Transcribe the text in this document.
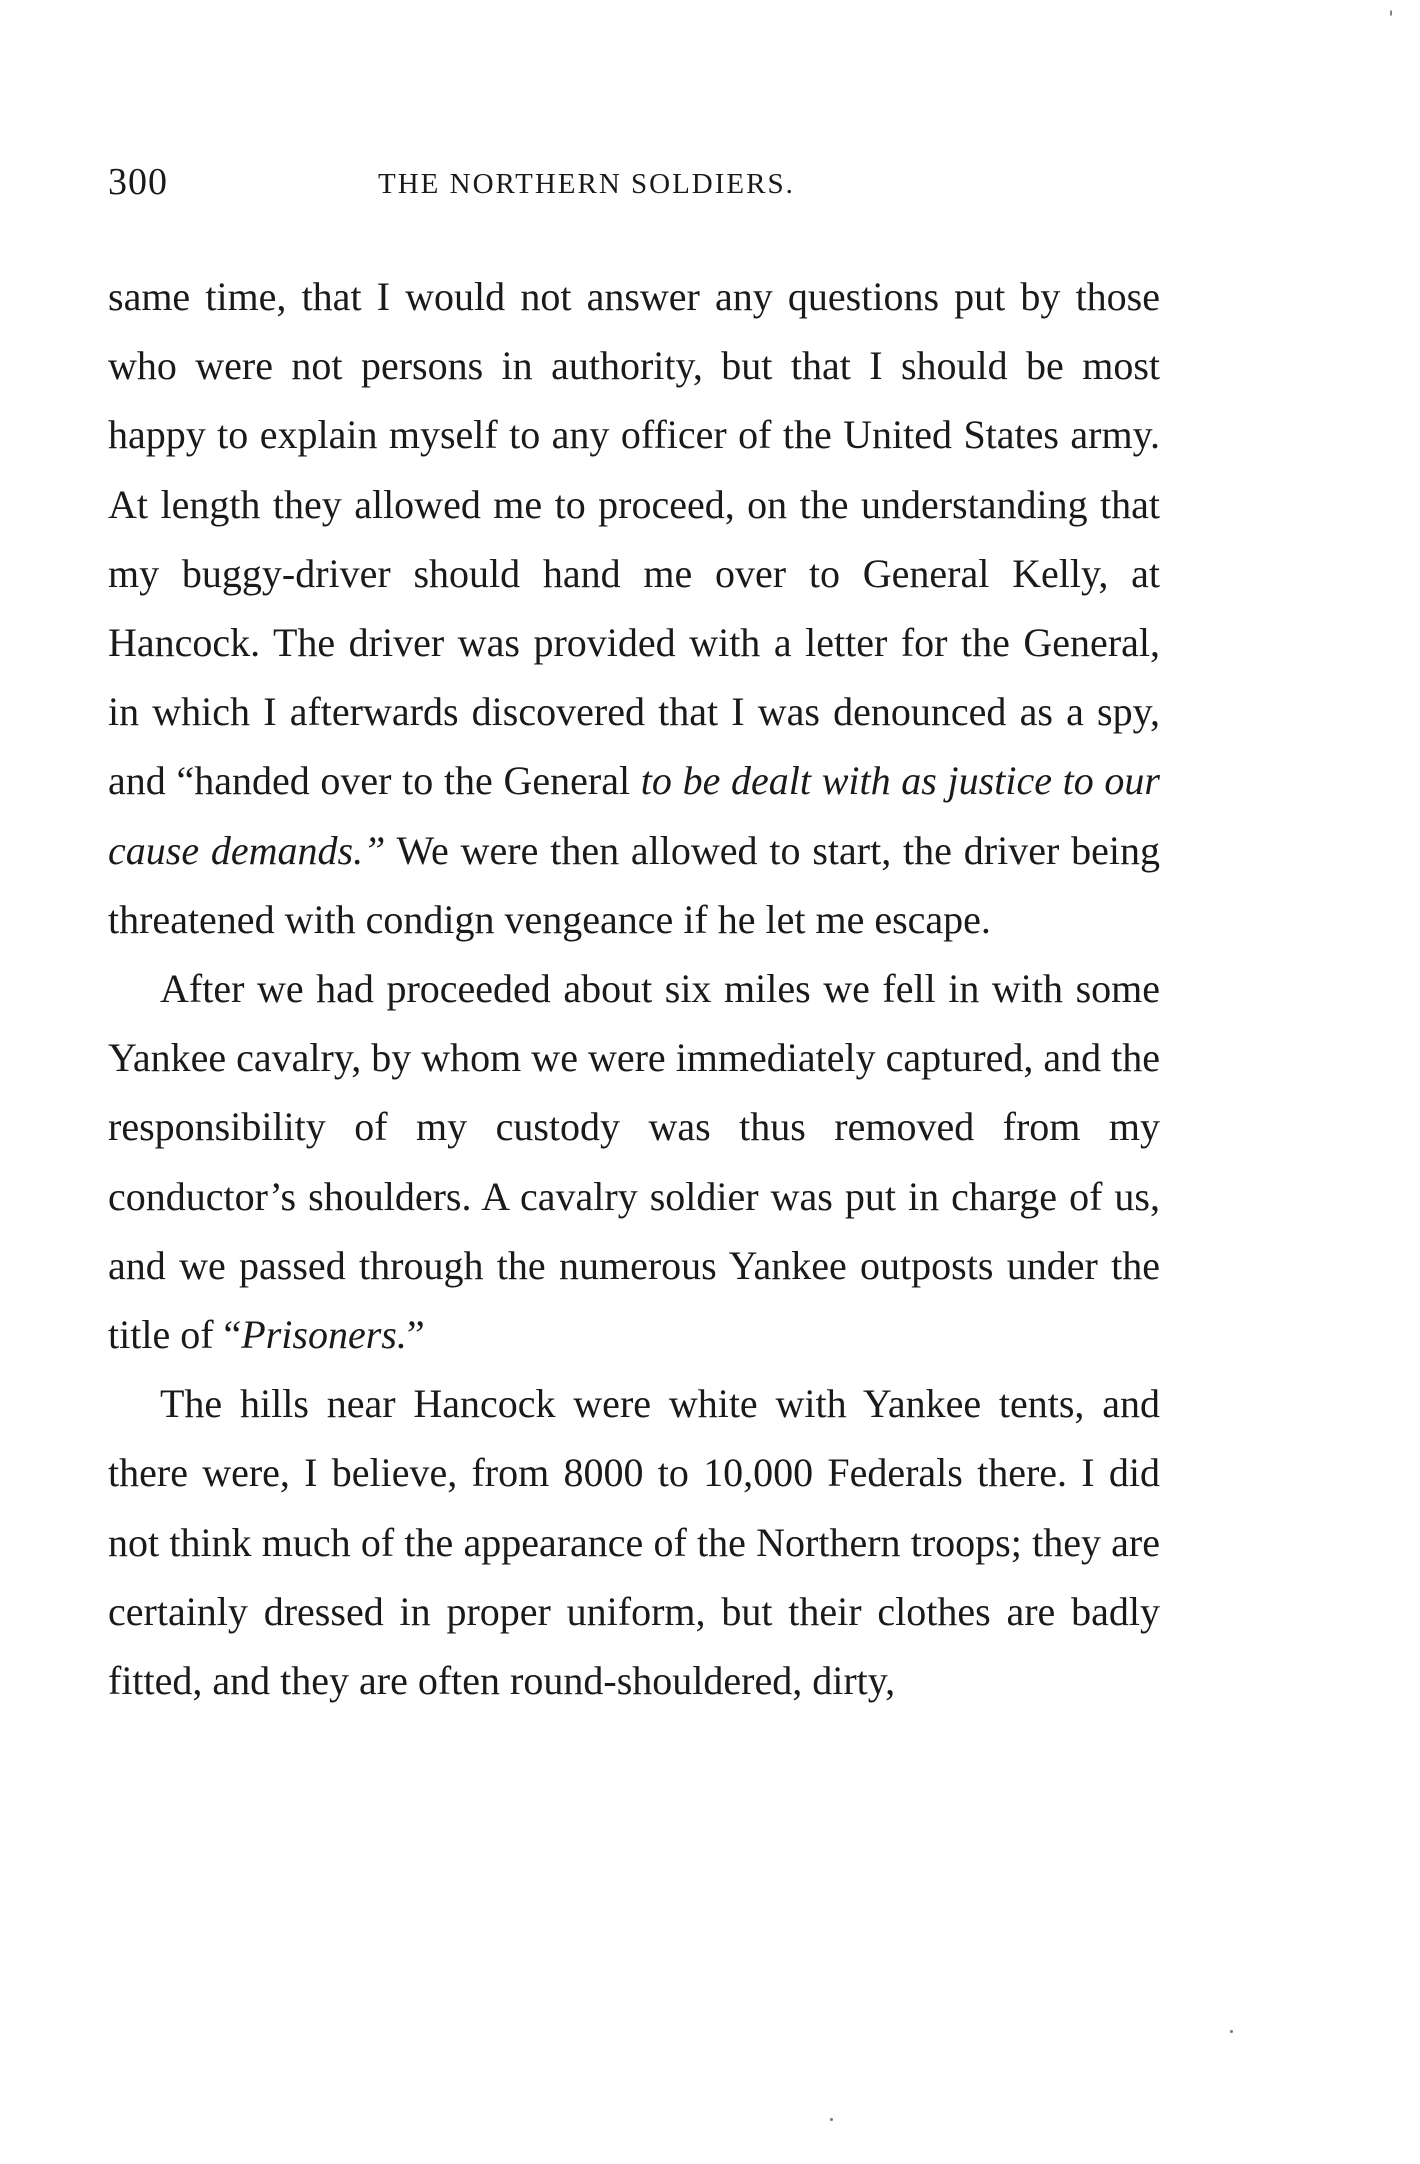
300	THE NORTHERN SOLDIERS.

same time, that I would not answer any questions put by those who were not persons in authority, but that I should be most happy to explain myself to any officer of the United States army. At length they allowed me to proceed, on the understanding that my buggy-driver should hand me over to General Kelly, at Hancock. The driver was provided with a letter for the General, in which I afterwards discovered that I was denounced as a spy, and “handed over to the General to be dealt with as justice to our cause demands.” We were then allowed to start, the driver being threatened with condign vengeance if he let me escape.

After we had proceeded about six miles we fell in with some Yankee cavalry, by whom we were immediately captured, and the responsibility of my custody was thus removed from my conductor’s shoulders. A cavalry soldier was put in charge of us, and we passed through the numerous Yankee outposts under the title of “Prisoners.”

The hills near Hancock were white with Yankee tents, and there were, I believe, from 8000 to 10,000 Federals there. I did not think much of the appearance of the Northern troops; they are certainly dressed in proper uniform, but their clothes are badly fitted, and they are often round-shouldered, dirty,
